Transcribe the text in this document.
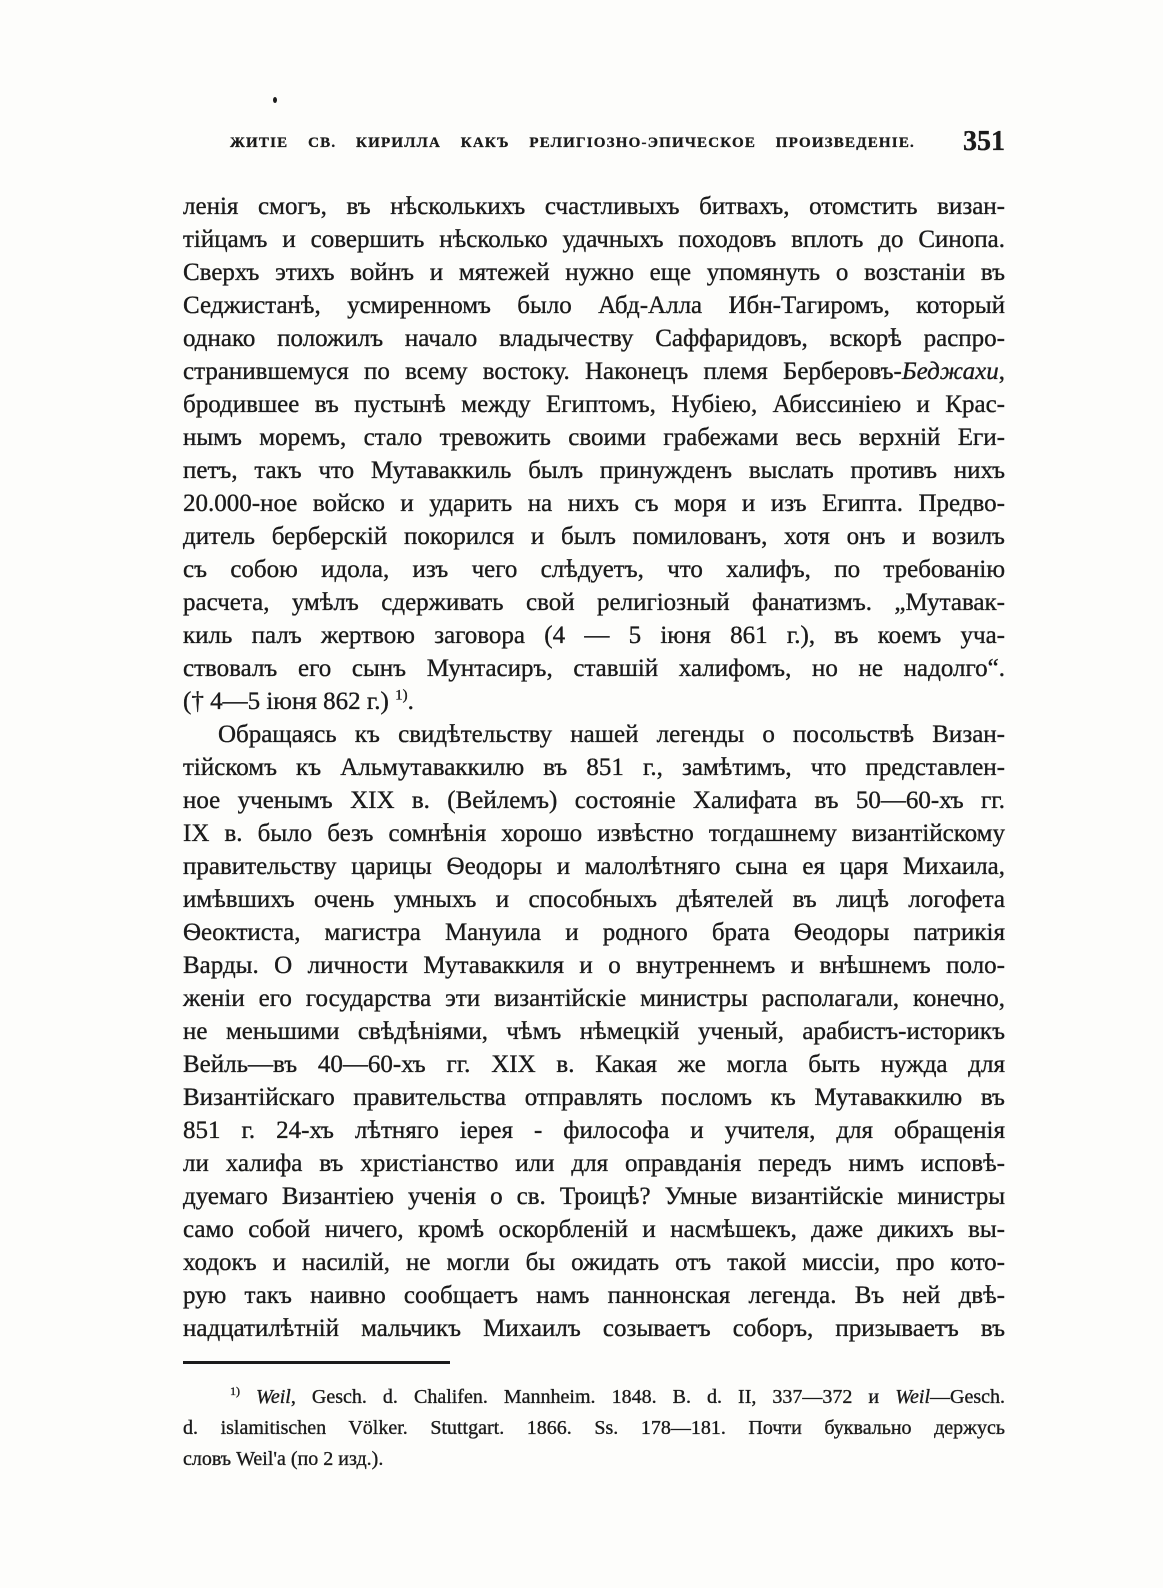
ЖИТІЕ СВ. КИРИЛЛА КАКЪ РЕЛИГІОЗНО-ЭПИЧЕСКОЕ ПРОИЗВЕДЕНІЕ.	351
ленія смогъ, въ нѣсколькихъ счастливыхъ битвахъ, отомстить визан-
тійцамъ и совершить нѣсколько удачныхъ походовъ вплоть до Синопа.
Сверхъ этихъ войнъ и мятежей нужно еще упомянуть о возстаніи въ
Седжистанѣ, усмиренномъ было Абд-Алла Ибн-Тагиромъ, который
однако положилъ начало владычеству Саффаридовъ, вскорѣ распро-
странившемуся по всему востоку. Наконецъ племя Берберовъ-Беджахи,
бродившее въ пустынѣ между Египтомъ, Нубіею, Абиссиніею и Крас-
нымъ моремъ, стало тревожить своими грабежами весь верхній Еги-
петъ, такъ что Мутаваккиль былъ принужденъ выслать противъ нихъ
20.000-ное войско и ударить на нихъ съ моря и изъ Египта. Предво-
дитель берберскій покорился и былъ помилованъ, хотя онъ и возилъ
съ собою идола, изъ чего слѣдуетъ, что халифъ, по требованію
расчета, умѣлъ сдерживать свой религіозный фанатизмъ. „Мутавак-
киль палъ жертвою заговора (4 — 5 іюня 861 г.), въ коемъ уча-
ствовалъ его сынъ Мунтасиръ, ставшій халифомъ, но не надолго“.
(† 4—5 іюня 862 г.) $^{1)}$.
Обращаясь къ свидѣтельству нашей легенды о посольствѣ Визан-
тійскомъ къ Альмутаваккилю въ 851 г., замѣтимъ, что представлен-
ное ученымъ XIX в. (Вейлемъ) состояніе Халифата въ 50—60-хъ гг.
IX в. было безъ сомнѣнія хорошо извѣстно тогдашнему византійскому
правительству царицы Ѳеодоры и малолѣтняго сына ея царя Михаила,
имѣвшихъ очень умныхъ и способныхъ дѣятелей въ лицѣ логофета
Ѳеоктиста, магистра Мануила и родного брата Ѳеодоры патрикія
Варды. О личности Мутаваккиля и о внутреннемъ и внѣшнемъ поло-
женіи его государства эти византійскіе министры располагали, конечно,
не меньшими свѣдѣніями, чѣмъ нѣмецкій ученый, арабистъ-историкъ
Вейль—въ 40—60-хъ гг. XIX в. Какая же могла быть нужда для
Византійскаго правительства отправлять посломъ къ Мутаваккилю въ
851 г. 24-хъ лѣтняго іерея - философа и учителя, для обращенія
ли халифа въ христіанство или для оправданія передъ нимъ исповѣ-
дуемаго Византіею ученія о св. Троицѣ? Умные византійскіе министры
само собой ничего, кромѣ оскорбленій и насмѣшекъ, даже дикихъ вы-
ходокъ и насилій, не могли бы ожидать отъ такой миссіи, про кото-
рую такъ наивно сообщаетъ намъ паннонская легенда. Въ ней двѣ-
надцатилѣтній мальчикъ Михаилъ созываетъ соборъ, призываетъ въ
$^{1)}$ Weil, Gesch. d. Chalifen. Mannheim. 1848. B. d. II, 337—372 и Weil—Gesch.
d. islamitischen Völker. Stuttgart. 1866. Ss. 178—181. Почти буквально держусь
словъ Weil'а (по 2 изд.).
